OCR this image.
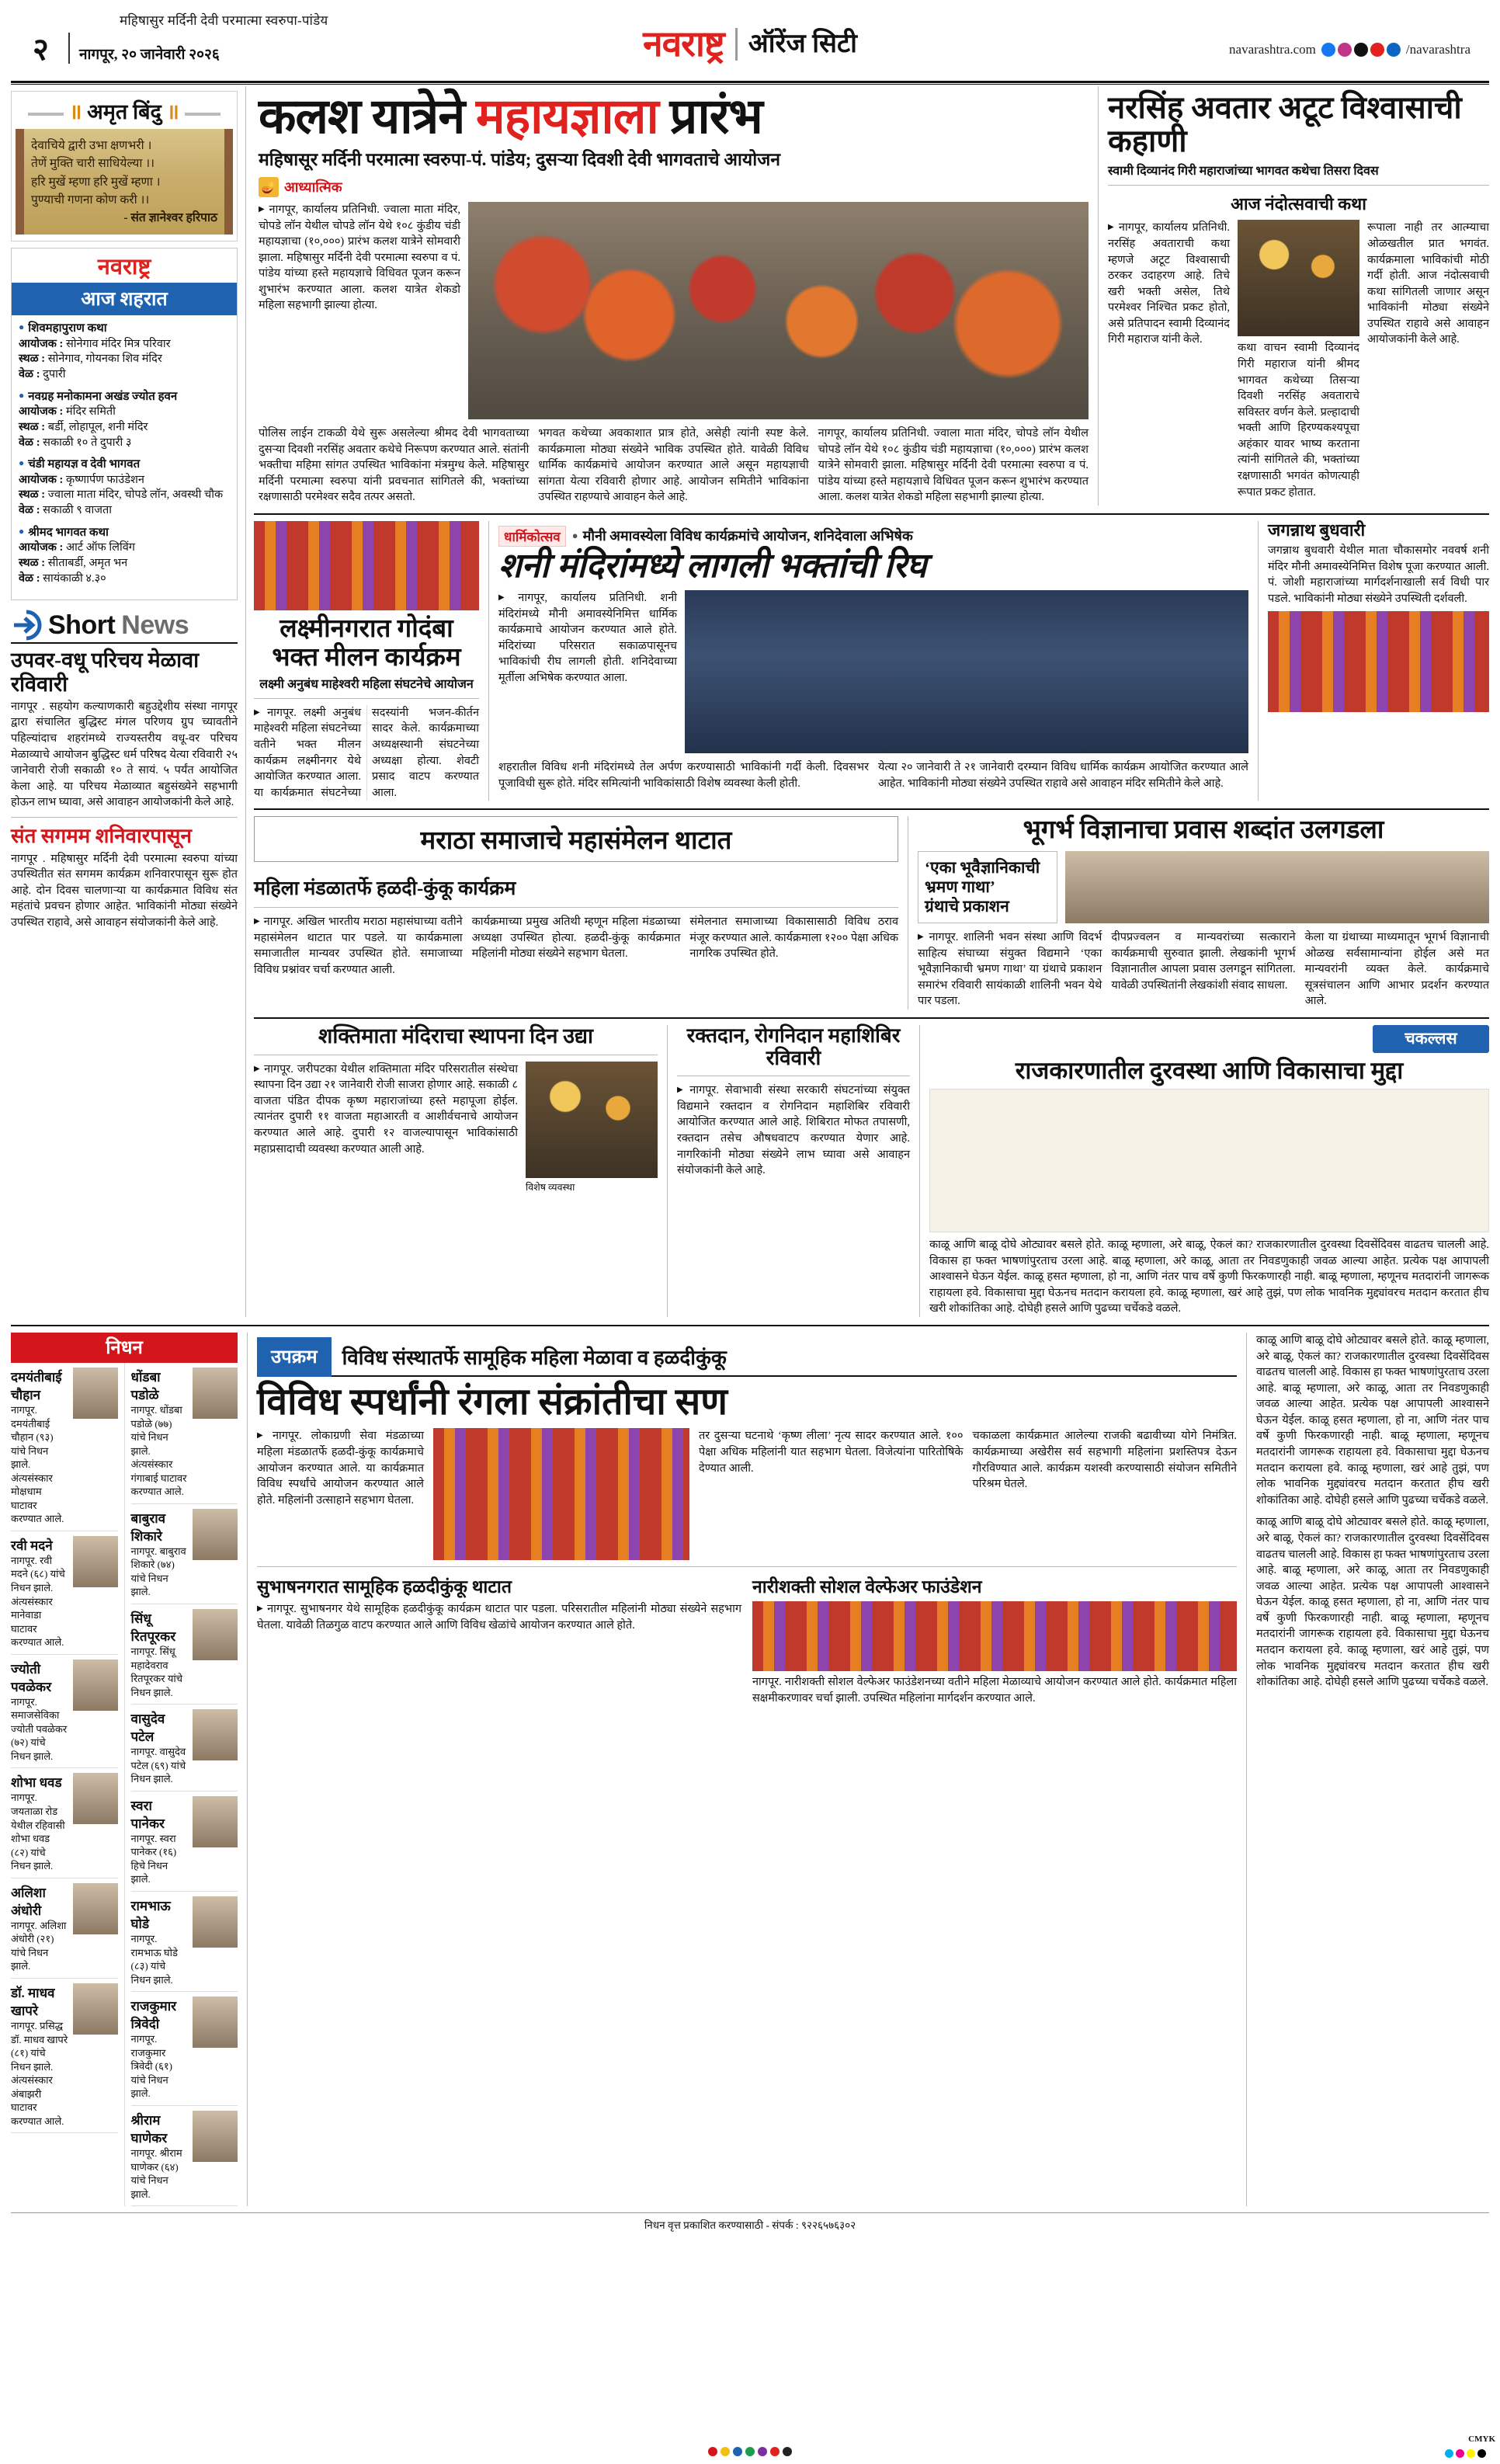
महिषासुर मर्दिनी देवी परमात्मा स्वरुपा-पांडेय
२ नागपूर, २० जानेवारी २०२६	नवराष्ट्र ऑरेंज सिटी	navarashtra.com	/navarashtra
॥ अमृत बिंदु ॥
देवाचिये द्वारी उभा क्षणभरी ।
तेणें मुक्ति चारी साधियेल्या ।।
हरि मुखें म्हणा हरि मुखें म्हणा ।
पुण्याची गणना कोण करी ।।
- संत ज्ञानेश्वर हरिपाठ
नवराष्ट्र
आज शहरात
● शिवमहापुराण कथा
आयोजक : सोनेगाव मंदिर मित्र परिवार
स्थळ : सोनेगाव, गोयनका शिव मंदिर
वेळ : दुपारी
● नवग्रह मनोकामना अखंड ज्योत हवन
आयोजक : मंदिर समिती
स्थळ : बर्डी, लोहापूल, शनी मंदिर
वेळ : सकाळी १० ते दुपारी ३
● चंडी महायज्ञ व देवी भागवत
आयोजक : कृष्णार्पण फाउंडेशन
स्थळ : ज्वाला माता मंदिर, चोपडे लॉन, अवस्थी चौक
वेळ : सकाळी ९ वाजता
● श्रीमद भागवत कथा
आयोजक : आर्ट ऑफ लिविंग
स्थळ : सीताबर्डी, अमृत भन
वेळ : सायंकाळी ४.३०
Short News
उपवर-वधू परिचय मेळावा रविवारी
नागपूर . सहयोग कल्याणकारी बहुउद्देशीय संस्था नागपूर द्वारा संचालित बुद्धिस्ट मंगल परिणय ग्रुप च्यावतीने पहिल्यांदाच शहरांमध्ये राज्यस्तरीय वधू-वर परिचय मेळाव्याचे आयोजन बुद्धिस्ट धर्म परिषद येत्या रविवारी २५ जानेवारी रोजी सकाळी १० ते सायं. ५ पर्यंत आयोजित केला आहे. या परिचय मेळाव्यात बहुसंख्येने सहभागी होऊन लाभ घ्यावा, असे आवाहन आयोजकांनी केले आहे.
संत सगमम शनिवारपासून
नागपूर . महिषासुर मर्दिनी देवी परमात्मा स्वरुपा यांच्या उपस्थितीत संत सगमम कार्यक्रम शनिवारपासून सुरू होत आहे. दोन दिवस चालणाऱ्या या कार्यक्रमात विविध संत महंतांचे प्रवचन होणार आहेत. भाविकांनी मोठ्या संख्येने उपस्थित राहावे, असे आवाहन संयोजकांनी केले आहे.
कलश यात्रेने महायज्ञाला प्रारंभ
महिषासूर मर्दिनी परमात्मा स्वरुपा-पं. पांडेय; दुसऱ्या दिवशी देवी भागवताचे आयोजन
🪔 आध्यात्मिक
▶ नागपूर, कार्यालय प्रतिनिधी. ज्वाला माता मंदिर, चोपडे लॉन येथील चोपडे लॉन येथे १०८ कुंडीय चंडी महायज्ञाचा (१०,०००) प्रारंभ कलश यात्रेने सोमवारी झाला. महिषासुर मर्दिनी देवी परमात्मा स्वरुपा व पं. पांडेय यांच्या हस्ते महायज्ञाचे विधिवत पूजन करून शुभारंभ करण्यात आला. कलश यात्रेत शेकडो महिला सहभागी झाल्या होत्या.
पोलिस लाईन टाकळी येथे सुरू असलेल्या श्रीमद देवी भागवताच्या दुसऱ्या दिवशी नरसिंह अवतार कथेचे निरूपण करण्यात आले. संतांनी भक्तीचा महिमा सांगत उपस्थित भाविकांना मंत्रमुग्ध केले. महिषासुर मर्दिनी परमात्मा स्वरुपा यांनी प्रवचनात सांगितले की, भक्तांच्या रक्षणासाठी परमेश्वर सदैव तत्पर असतो.
भगवत कथेच्या अवकाशात प्रात्र होते, असेही त्यांनी स्पष्ट केले. कार्यक्रमाला मोठ्या संख्येने भाविक उपस्थित होते. यावेळी विविध धार्मिक कार्यक्रमांचे आयोजन करण्यात आले असून महायज्ञाची सांगता येत्या रविवारी होणार आहे. आयोजन समितीने भाविकांना उपस्थित राहण्याचे आवाहन केले आहे.
नागपूर, कार्यालय प्रतिनिधी. ज्वाला माता मंदिर, चोपडे लॉन येथील चोपडे लॉन येथे १०८ कुंडीय चंडी महायज्ञाचा (१०,०००) प्रारंभ कलश यात्रेने सोमवारी झाला. महिषासुर मर्दिनी देवी परमात्मा स्वरुपा व पं. पांडेय यांच्या हस्ते महायज्ञाचे विधिवत पूजन करून शुभारंभ करण्यात आला. कलश यात्रेत शेकडो महिला सहभागी झाल्या होत्या.
नरसिंह अवतार अटूट विश्वासाची कहाणी
स्वामी दिव्यानंद गिरी महाराजांच्या भागवत कथेचा तिसरा दिवस
आज नंदोत्सवाची कथा
▶ नागपूर, कार्यालय प्रतिनिधी. नरसिंह अवताराची कथा म्हणजे अटूट विश्वासाची ठरकर उदाहरण आहे. तिचे खरी भक्ती असेल, तिथे परमेश्वर निश्चित प्रकट होतो, असे प्रतिपादन स्वामी दिव्यानंद गिरी महाराज यांनी केले.
कथा वाचन स्वामी दिव्यानंद गिरी महाराज यांनी श्रीमद भागवत कथेच्या तिसऱ्या दिवशी नरसिंह अवताराचे सविस्तर वर्णन केले. प्रल्हादाची भक्ती आणि हिरण्यकश्यपूचा अहंकार यावर भाष्य करताना त्यांनी सांगितले की, भक्तांच्या रक्षणासाठी भगवंत कोणत्याही रूपात प्रकट होतात.
रूपाला नाही तर आत्म्याचा ओळखतील प्रात भगवंत. कार्यक्रमाला भाविकांची मोठी गर्दी होती. आज नंदोत्सवाची कथा सांगितली जाणार असून भाविकांनी मोठ्या संख्येने उपस्थित राहावे असे आवाहन आयोजकांनी केले आहे.
लक्ष्मीनगरात गोदंबा भक्त मीलन कार्यक्रम
लक्ष्मी अनुबंध माहेश्वरी महिला संघटनेचे आयोजन
▶ नागपूर. लक्ष्मी अनुबंध माहेश्वरी महिला संघटनेच्या वतीने भक्त मीलन कार्यक्रम लक्ष्मीनगर येथे आयोजित करण्यात आला. या कार्यक्रमात संघटनेच्या सदस्यांनी भजन-कीर्तन सादर केले. कार्यक्रमाच्या अध्यक्षस्थानी संघटनेच्या अध्यक्षा होत्या. शेवटी प्रसाद वाटप करण्यात आला.
धार्मिकोत्सव	● मौनी अमावस्येला विविध कार्यक्रमांचे आयोजन, शनिदेवाला अभिषेक
शनी मंदिरांमध्ये लागली भक्तांची रिघ
▶ नागपूर, कार्यालय प्रतिनिधी. शनी मंदिरांमध्ये मौनी अमावस्येनिमित्त धार्मिक कार्यक्रमाचे आयोजन करण्यात आले होते. मंदिरांच्या परिसरात सकाळपासूनच भाविकांची रीघ लागली होती. शनिदेवाच्या मूर्तीला अभिषेक करण्यात आला.
शहरातील विविध शनी मंदिरांमध्ये तेल अर्पण करण्यासाठी भाविकांनी गर्दी केली. दिवसभर पूजाविधी सुरू होते. मंदिर समित्यांनी भाविकांसाठी विशेष व्यवस्था केली होती.
येत्या २० जानेवारी ते २१ जानेवारी दरम्यान विविध धार्मिक कार्यक्रम आयोजित करण्यात आले आहेत. भाविकांनी मोठ्या संख्येने उपस्थित राहावे असे आवाहन मंदिर समितीने केले आहे.
जगन्नाथ बुधवारी
जगन्नाथ बुधवारी येथील माता चौकासमोर नववर्ष शनी मंदिर मौनी अमावस्येनिमित्त विशेष पूजा करण्यात आली. पं. जोशी महाराजांच्या मार्गदर्शनाखाली सर्व विधी पार पडले. भाविकांनी मोठ्या संख्येने उपस्थिती दर्शवली.
मराठा समाजाचे महासंमेलन थाटात
महिला मंडळातर्फे हळदी-कुंकू कार्यक्रम
▶ नागपूर. अखिल भारतीय मराठा महासंघाच्या वतीने महासंमेलन थाटात पार पडले. या कार्यक्रमाला समाजातील मान्यवर उपस्थित होते. समाजाच्या विविध प्रश्नांवर चर्चा करण्यात आली.
कार्यक्रमाच्या प्रमुख अतिथी म्हणून महिला मंडळाच्या अध्यक्षा उपस्थित होत्या. हळदी-कुंकू कार्यक्रमात महिलांनी मोठ्या संख्येने सहभाग घेतला.
संमेलनात समाजाच्या विकासासाठी विविध ठराव मंजूर करण्यात आले. कार्यक्रमाला १२०० पेक्षा अधिक नागरिक उपस्थित होते.
भूगर्भ विज्ञानाचा प्रवास शब्दांत उलगडला
‘एका भूवैज्ञानिकाची
भ्रमण गाथा’
ग्रंथाचे प्रकाशन
▶ नागपूर. शालिनी भवन संस्था आणि विदर्भ साहित्य संघाच्या संयुक्त विद्यमाने ‘एका भूवैज्ञानिकाची भ्रमण गाथा’ या ग्रंथाचे प्रकाशन समारंभ रविवारी सायंकाळी शालिनी भवन येथे पार पडला.
दीपप्रज्वलन व मान्यवरांच्या सत्काराने कार्यक्रमाची सुरुवात झाली. लेखकांनी भूगर्भ विज्ञानातील आपला प्रवास उलगडून सांगितला. यावेळी उपस्थितांनी लेखकांशी संवाद साधला.
केला या ग्रंथाच्या माध्यमातून भूगर्भ विज्ञानाची ओळख सर्वसामान्यांना होईल असे मत मान्यवरांनी व्यक्त केले. कार्यक्रमाचे सूत्रसंचालन आणि आभार प्रदर्शन करण्यात आले.
शक्तिमाता मंदिराचा स्थापना दिन उद्या
▶ नागपूर. जरीपटका येथील शक्तिमाता मंदिर परिसरातील संस्थेचा स्थापना दिन उद्या २१ जानेवारी रोजी साजरा होणार आहे. सकाळी ८ वाजता पंडित दीपक कृष्ण महाराजांच्या हस्ते महापूजा होईल. त्यानंतर दुपारी ११ वाजता महाआरती व आशीर्वचनाचे आयोजन करण्यात आले आहे. दुपारी १२ वाजल्यापासून भाविकांसाठी महाप्रसादाची व्यवस्था करण्यात आली आहे.
विशेष व्यवस्था
रक्तदान, रोगनिदान महाशिबिर रविवारी
▶ नागपूर. सेवाभावी संस्था सरकारी संघटनांच्या संयुक्त विद्यमाने रक्तदान व रोगनिदान महाशिबिर रविवारी आयोजित करण्यात आले आहे. शिबिरात मोफत तपासणी, रक्तदान तसेच औषधवाटप करण्यात येणार आहे. नागरिकांनी मोठ्या संख्येने लाभ घ्यावा असे आवाहन संयोजकांनी केले आहे.
चकल्लस
राजकारणातील दुरवस्था आणि विकासाचा मुद्दा
काळू आणि बाळू दोघे ओट्यावर बसले होते. काळू म्हणाला, अरे बाळू, ऐकलं का? राजकारणातील दुरवस्था दिवसेंदिवस वाढतच चालली आहे. विकास हा फक्त भाषणांपुरताच उरला आहे. बाळू म्हणाला, अरे काळू, आता तर निवडणुकाही जवळ आल्या आहेत. प्रत्येक पक्ष आपापली आश्वासने घेऊन येईल. काळू हसत म्हणाला, हो ना, आणि नंतर पाच वर्षे कुणी फिरकणारही नाही. बाळू म्हणाला, म्हणूनच मतदारांनी जागरूक राहायला हवे. विकासाचा मुद्दा घेऊनच मतदान करायला हवे. काळू म्हणाला, खरं आहे तुझं, पण लोक भावनिक मुद्द्यांवरच मतदान करतात हीच खरी शोकांतिका आहे. दोघेही हसले आणि पुढच्या चर्चेकडे वळले.
निधन
दमयंतीबाई चौहान
नागपूर. दमयंतीबाई चौहान (९३) यांचे निधन झाले. अंत्यसंस्कार मोक्षधाम घाटावर करण्यात आले.
रवी मदने
नागपूर. रवी मदने (६८) यांचे निधन झाले. अंत्यसंस्कार मानेवाडा घाटावर करण्यात आले.
ज्योती पवळेकर
नागपूर. समाजसेविका ज्योती पवळेकर (७२) यांचे निधन झाले.
शोभा धवड
नागपूर. जयताळा रोड येथील रहिवासी शोभा धवड (८२) यांचे निधन झाले.
अलिशा अंधोरी
नागपूर. अलिशा अंधोरी (२१) यांचे निधन झाले.
डॉ. माधव खापरे
नागपूर. प्रसिद्ध डॉ. माधव खापरे (८१) यांचे निधन झाले. अंत्यसंस्कार अंबाझरी घाटावर करण्यात आले.
धोंडबा पडोळे
नागपूर. धोंडबा पडोळे (७७) यांचे निधन झाले. अंत्यसंस्कार गंगाबाई घाटावर करण्यात आले.
बाबुराव शिकारे
नागपूर. बाबुराव शिकारे (७४) यांचे निधन झाले.
सिंधू रितपूरकर
नागपूर. सिंधू महादेवराव रितपूरकर यांचे निधन झाले.
वासुदेव पटेल
नागपूर. वासुदेव पटेल (६९) यांचे निधन झाले.
स्वरा पानेकर
नागपूर. स्वरा पानेकर (१६) हिचे निधन झाले.
रामभाऊ घोडे
नागपूर. रामभाऊ घोडे (८३) यांचे निधन झाले.
राजकुमार त्रिवेदी
नागपूर. राजकुमार त्रिवेदी (६१) यांचे निधन झाले.
श्रीराम घाणेकर
नागपूर. श्रीराम घाणेकर (६४) यांचे निधन झाले.
उपक्रम	विविध संस्थातर्फे सामूहिक महिला मेळावा व हळदीकुंकू
विविध स्पर्धांनी रंगला संक्रांतीचा सण
▶ नागपूर. लोकाग्रणी सेवा मंडळाच्या महिला मंडळातर्फे हळदी-कुंकू कार्यक्रमाचे आयोजन करण्यात आले. या कार्यक्रमात विविध स्पर्धांचे आयोजन करण्यात आले होते. महिलांनी उत्साहाने सहभाग घेतला.
तर दुसऱ्या घटनाथे ‘कृष्ण लीला’ नृत्य सादर करण्यात आले. १०० पेक्षा अधिक महिलांनी यात सहभाग घेतला. विजेत्यांना पारितोषिके देण्यात आली.
चकाळला कार्यक्रमात आलेल्या राजकी बढावीच्या योगे निमंत्रित. कार्यक्रमाच्या अखेरीस सर्व सहभागी महिलांना प्रशस्तिपत्र देऊन गौरविण्यात आले. कार्यक्रम यशस्वी करण्यासाठी संयोजन समितीने परिश्रम घेतले.
सुभाषनगरात सामूहिक हळदीकुंकू थाटात
▶ नागपूर. सुभाषनगर येथे सामूहिक हळदीकुंकू कार्यक्रम थाटात पार पडला. परिसरातील महिलांनी मोठ्या संख्येने सहभाग घेतला. यावेळी तिळगुळ वाटप करण्यात आले आणि विविध खेळांचे आयोजन करण्यात आले होते.
नारीशक्ती सोशल वेल्फेअर फाउंडेशन
नागपूर. नारीशक्ती सोशल वेल्फेअर फाउंडेशनच्या वतीने महिला मेळाव्याचे आयोजन करण्यात आले होते. कार्यक्रमात महिला सक्षमीकरणावर चर्चा झाली. उपस्थित महिलांना मार्गदर्शन करण्यात आले.
काळू आणि बाळू दोघे ओट्यावर बसले होते. काळू म्हणाला, अरे बाळू, ऐकलं का? राजकारणातील दुरवस्था दिवसेंदिवस वाढतच चालली आहे. विकास हा फक्त भाषणांपुरताच उरला आहे. बाळू म्हणाला, अरे काळू, आता तर निवडणुकाही जवळ आल्या आहेत. प्रत्येक पक्ष आपापली आश्वासने घेऊन येईल. काळू हसत म्हणाला, हो ना, आणि नंतर पाच वर्षे कुणी फिरकणारही नाही. बाळू म्हणाला, म्हणूनच मतदारांनी जागरूक राहायला हवे. विकासाचा मुद्दा घेऊनच मतदान करायला हवे. काळू म्हणाला, खरं आहे तुझं, पण लोक भावनिक मुद्द्यांवरच मतदान करतात हीच खरी शोकांतिका आहे. दोघेही हसले आणि पुढच्या चर्चेकडे वळले.
काळू आणि बाळू दोघे ओट्यावर बसले होते. काळू म्हणाला, अरे बाळू, ऐकलं का? राजकारणातील दुरवस्था दिवसेंदिवस वाढतच चालली आहे. विकास हा फक्त भाषणांपुरताच उरला आहे. बाळू म्हणाला, अरे काळू, आता तर निवडणुकाही जवळ आल्या आहेत. प्रत्येक पक्ष आपापली आश्वासने घेऊन येईल. काळू हसत म्हणाला, हो ना, आणि नंतर पाच वर्षे कुणी फिरकणारही नाही. बाळू म्हणाला, म्हणूनच मतदारांनी जागरूक राहायला हवे. विकासाचा मुद्दा घेऊनच मतदान करायला हवे. काळू म्हणाला, खरं आहे तुझं, पण लोक भावनिक मुद्द्यांवरच मतदान करतात हीच खरी शोकांतिका आहे. दोघेही हसले आणि पुढच्या चर्चेकडे वळले.
निधन वृत्त प्रकाशित करण्यासाठी - संपर्क : ९२२६५७६३०२
CMYK
